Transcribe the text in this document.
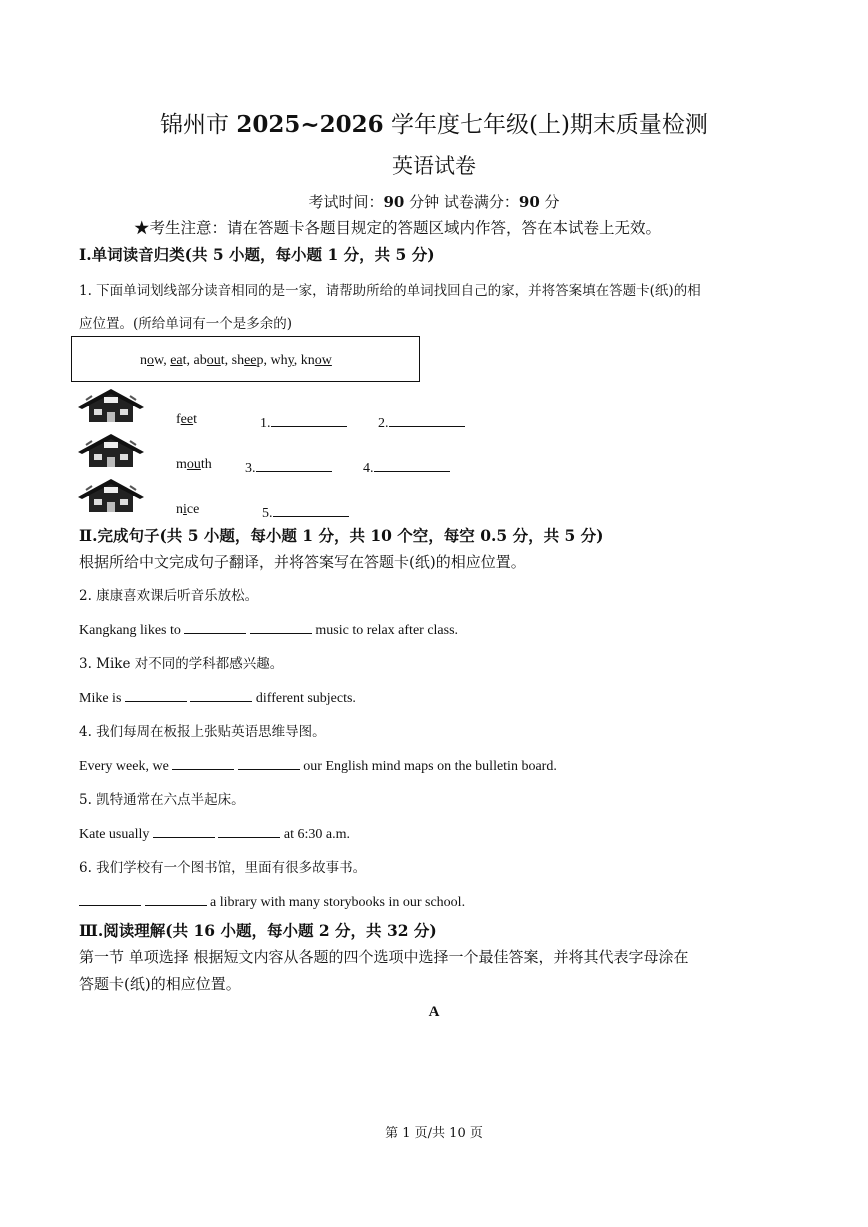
锦州市 2025~2026 学年度七年级(上)期末质量检测
英语试卷
考试时间：90 分钟 试卷满分：90 分
★考生注意：请在答题卡各题目规定的答题区域内作答，答在本试卷上无效。
Ⅰ.单词读音归类(共 5 小题，每小题 1 分，共 5 分)
1. 下面单词划线部分读音相同的是一家，请帮助所给的单词找回自己的家，并将答案填在答题卡(纸)的相
应位置。(所给单词有一个是多余的)
now, eat, about, sheep, why, know
feet	1.	2.
mouth 3.	4.
nice	5.
Ⅱ.完成句子(共 5 小题，每小题 1 分，共 10 个空，每空 0.5 分，共 5 分)
根据所给中文完成句子翻译，并将答案写在答题卡(纸)的相应位置。
2. 康康喜欢课后听音乐放松。
Kangkang likes to	music to relax after class.
3. Mike 对不同的学科都感兴趣。
Mike is	different subjects.
4. 我们每周在板报上张贴英语思维导图。
Every week, we	our English mind maps on the bulletin board.
5. 凯特通常在六点半起床。
Kate usually	at 6:30 a.m.
6. 我们学校有一个图书馆，里面有很多故事书。
a library with many storybooks in our school.
Ⅲ.阅读理解(共 16 小题，每小题 2 分，共 32 分)
第一节 单项选择 根据短文内容从各题的四个选项中选择一个最佳答案，并将其代表字母涂在
答题卡(纸)的相应位置。
A
第 1 页/共 10 页
